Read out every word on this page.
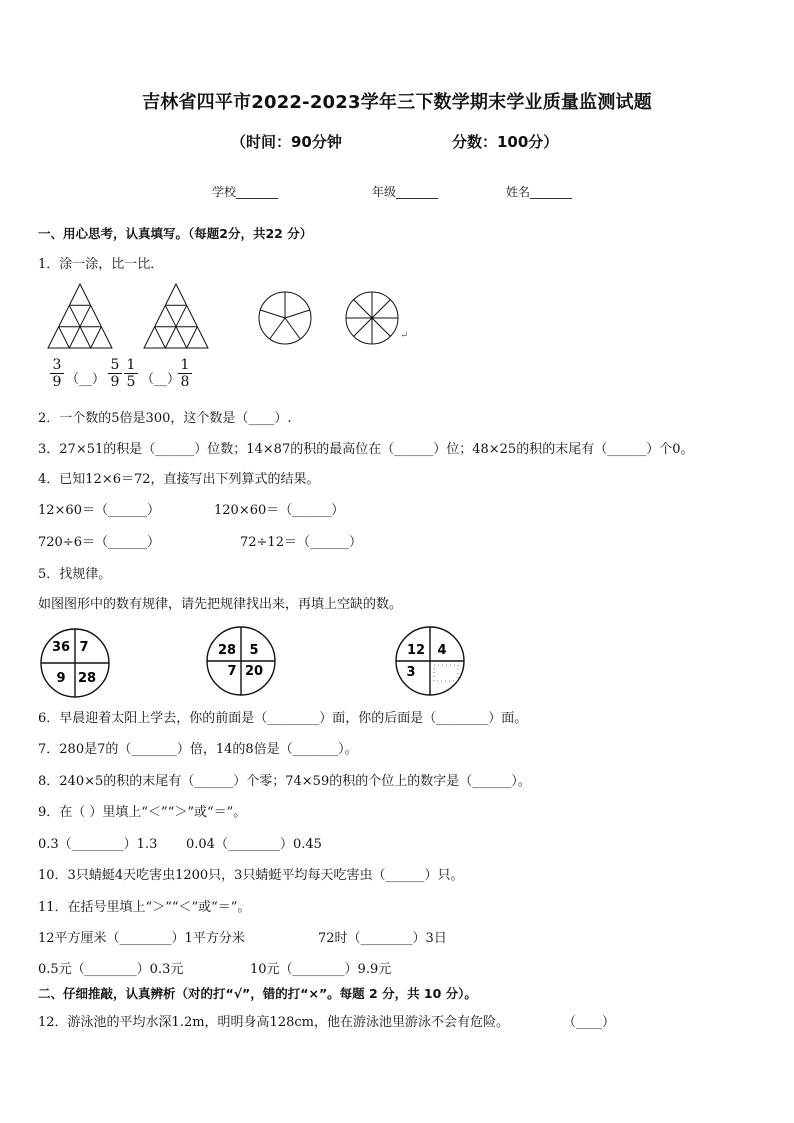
吉林省四平市2022-2023学年三下数学期末学业质量监测试题
（时间：90分钟	分数：100分）
学校_______	年级_______	姓名_______
一、用心思考，认真填写。（每题2分，共22 分）
1．涂一涂，比一比．
↵
$\frac{3}{9}$ （__） $\frac{5}{9} \frac{1}{5}$ （__）
$\frac{1}{8}$
2．一个数的5倍是300，这个数是（____）.
3．27×51的积是（______）位数；14×87的积的最高位在（______）位；48×25的积的末尾有（______）个0。
4．已知12×6＝72，直接写出下列算式的结果。
12×60＝（______）	120×60＝（______）
720÷6＝（______）	72÷12＝（______）
5．找规律。
如图图形中的数有规律，请先把规律找出来，再填上空缺的数。
36 7
9 28
28 5
7 20
12 4
3
6．早晨迎着太阳上学去，你的前面是（________）面，你的后面是（________）面。
7．280是7的（_______）倍，14的8倍是（_______）。
8．240×5的积的末尾有（______）个零；74×59的积的个位上的数字是（______）。
9．在（ ）里填上“＜”“＞”或“＝”。
0.3（________）1.3 0.04（________）0.45
10．3只蜻蜓4天吃害虫1200只，3只蜻蜓平均每天吃害虫（______）只。
11．在括号里填上“＞”“＜”或“＝”。
12平方厘米（________）1平方分米	72时（________）3日
0.5元（________）0.3元	10元（________）9.9元
二、仔细推敲，认真辨析（对的打“√”，错的打“×”。每题 2 分，共 10 分）。
12．游泳池的平均水深1.2m，明明身高128cm，他在游泳池里游泳不会有危险。	（____）
